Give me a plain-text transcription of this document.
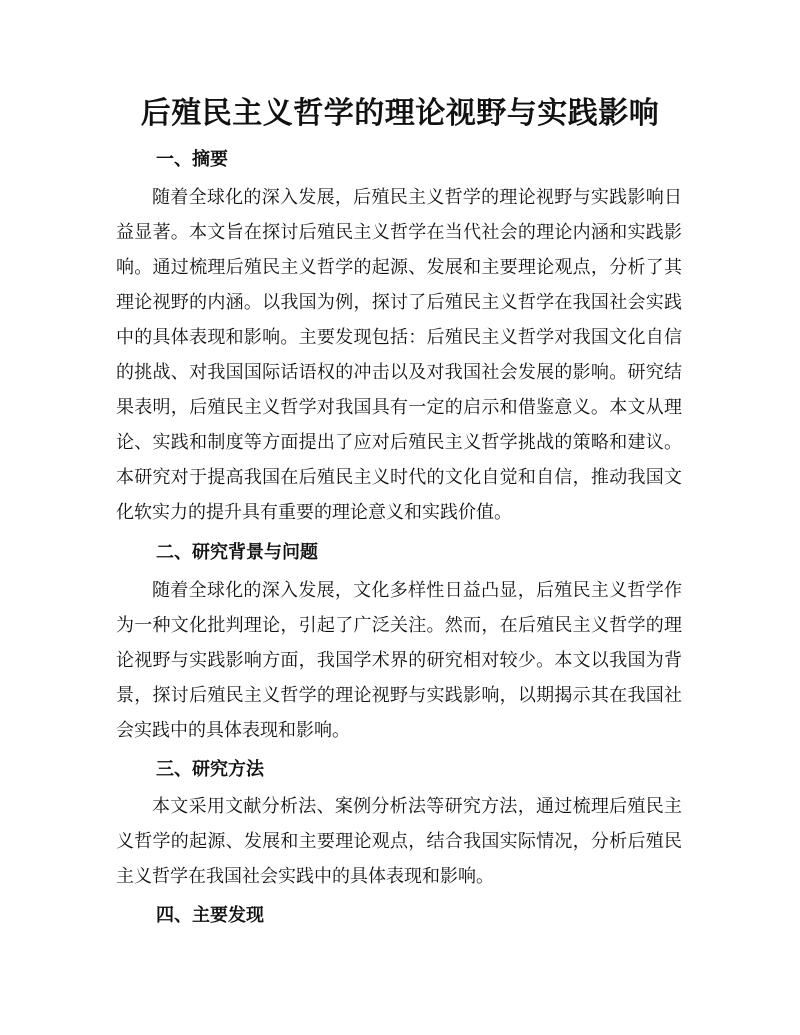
后殖民主义哲学的理论视野与实践影响
一、摘要

随着全球化的深入发展，后殖民主义哲学的理论视野与实践影响日益显著。本文旨在探讨后殖民主义哲学在当代社会的理论内涵和实践影响。通过梳理后殖民主义哲学的起源、发展和主要理论观点，分析了其理论视野的内涵。以我国为例，探讨了后殖民主义哲学在我国社会实践中的具体表现和影响。主要发现包括：后殖民主义哲学对我国文化自信的挑战、对我国国际话语权的冲击以及对我国社会发展的影响。研究结果表明，后殖民主义哲学对我国具有一定的启示和借鉴意义。本文从理论、实践和制度等方面提出了应对后殖民主义哲学挑战的策略和建议。本研究对于提高我国在后殖民主义时代的文化自觉和自信，推动我国文化软实力的提升具有重要的理论意义和实践价值。

二、研究背景与问题

随着全球化的深入发展，文化多样性日益凸显，后殖民主义哲学作为一种文化批判理论，引起了广泛关注。然而，在后殖民主义哲学的理论视野与实践影响方面，我国学术界的研究相对较少。本文以我国为背景，探讨后殖民主义哲学的理论视野与实践影响，以期揭示其在我国社会实践中的具体表现和影响。

三、研究方法

本文采用文献分析法、案例分析法等研究方法，通过梳理后殖民主义哲学的起源、发展和主要理论观点，结合我国实际情况，分析后殖民主义哲学在我国社会实践中的具体表现和影响。

四、主要发现
